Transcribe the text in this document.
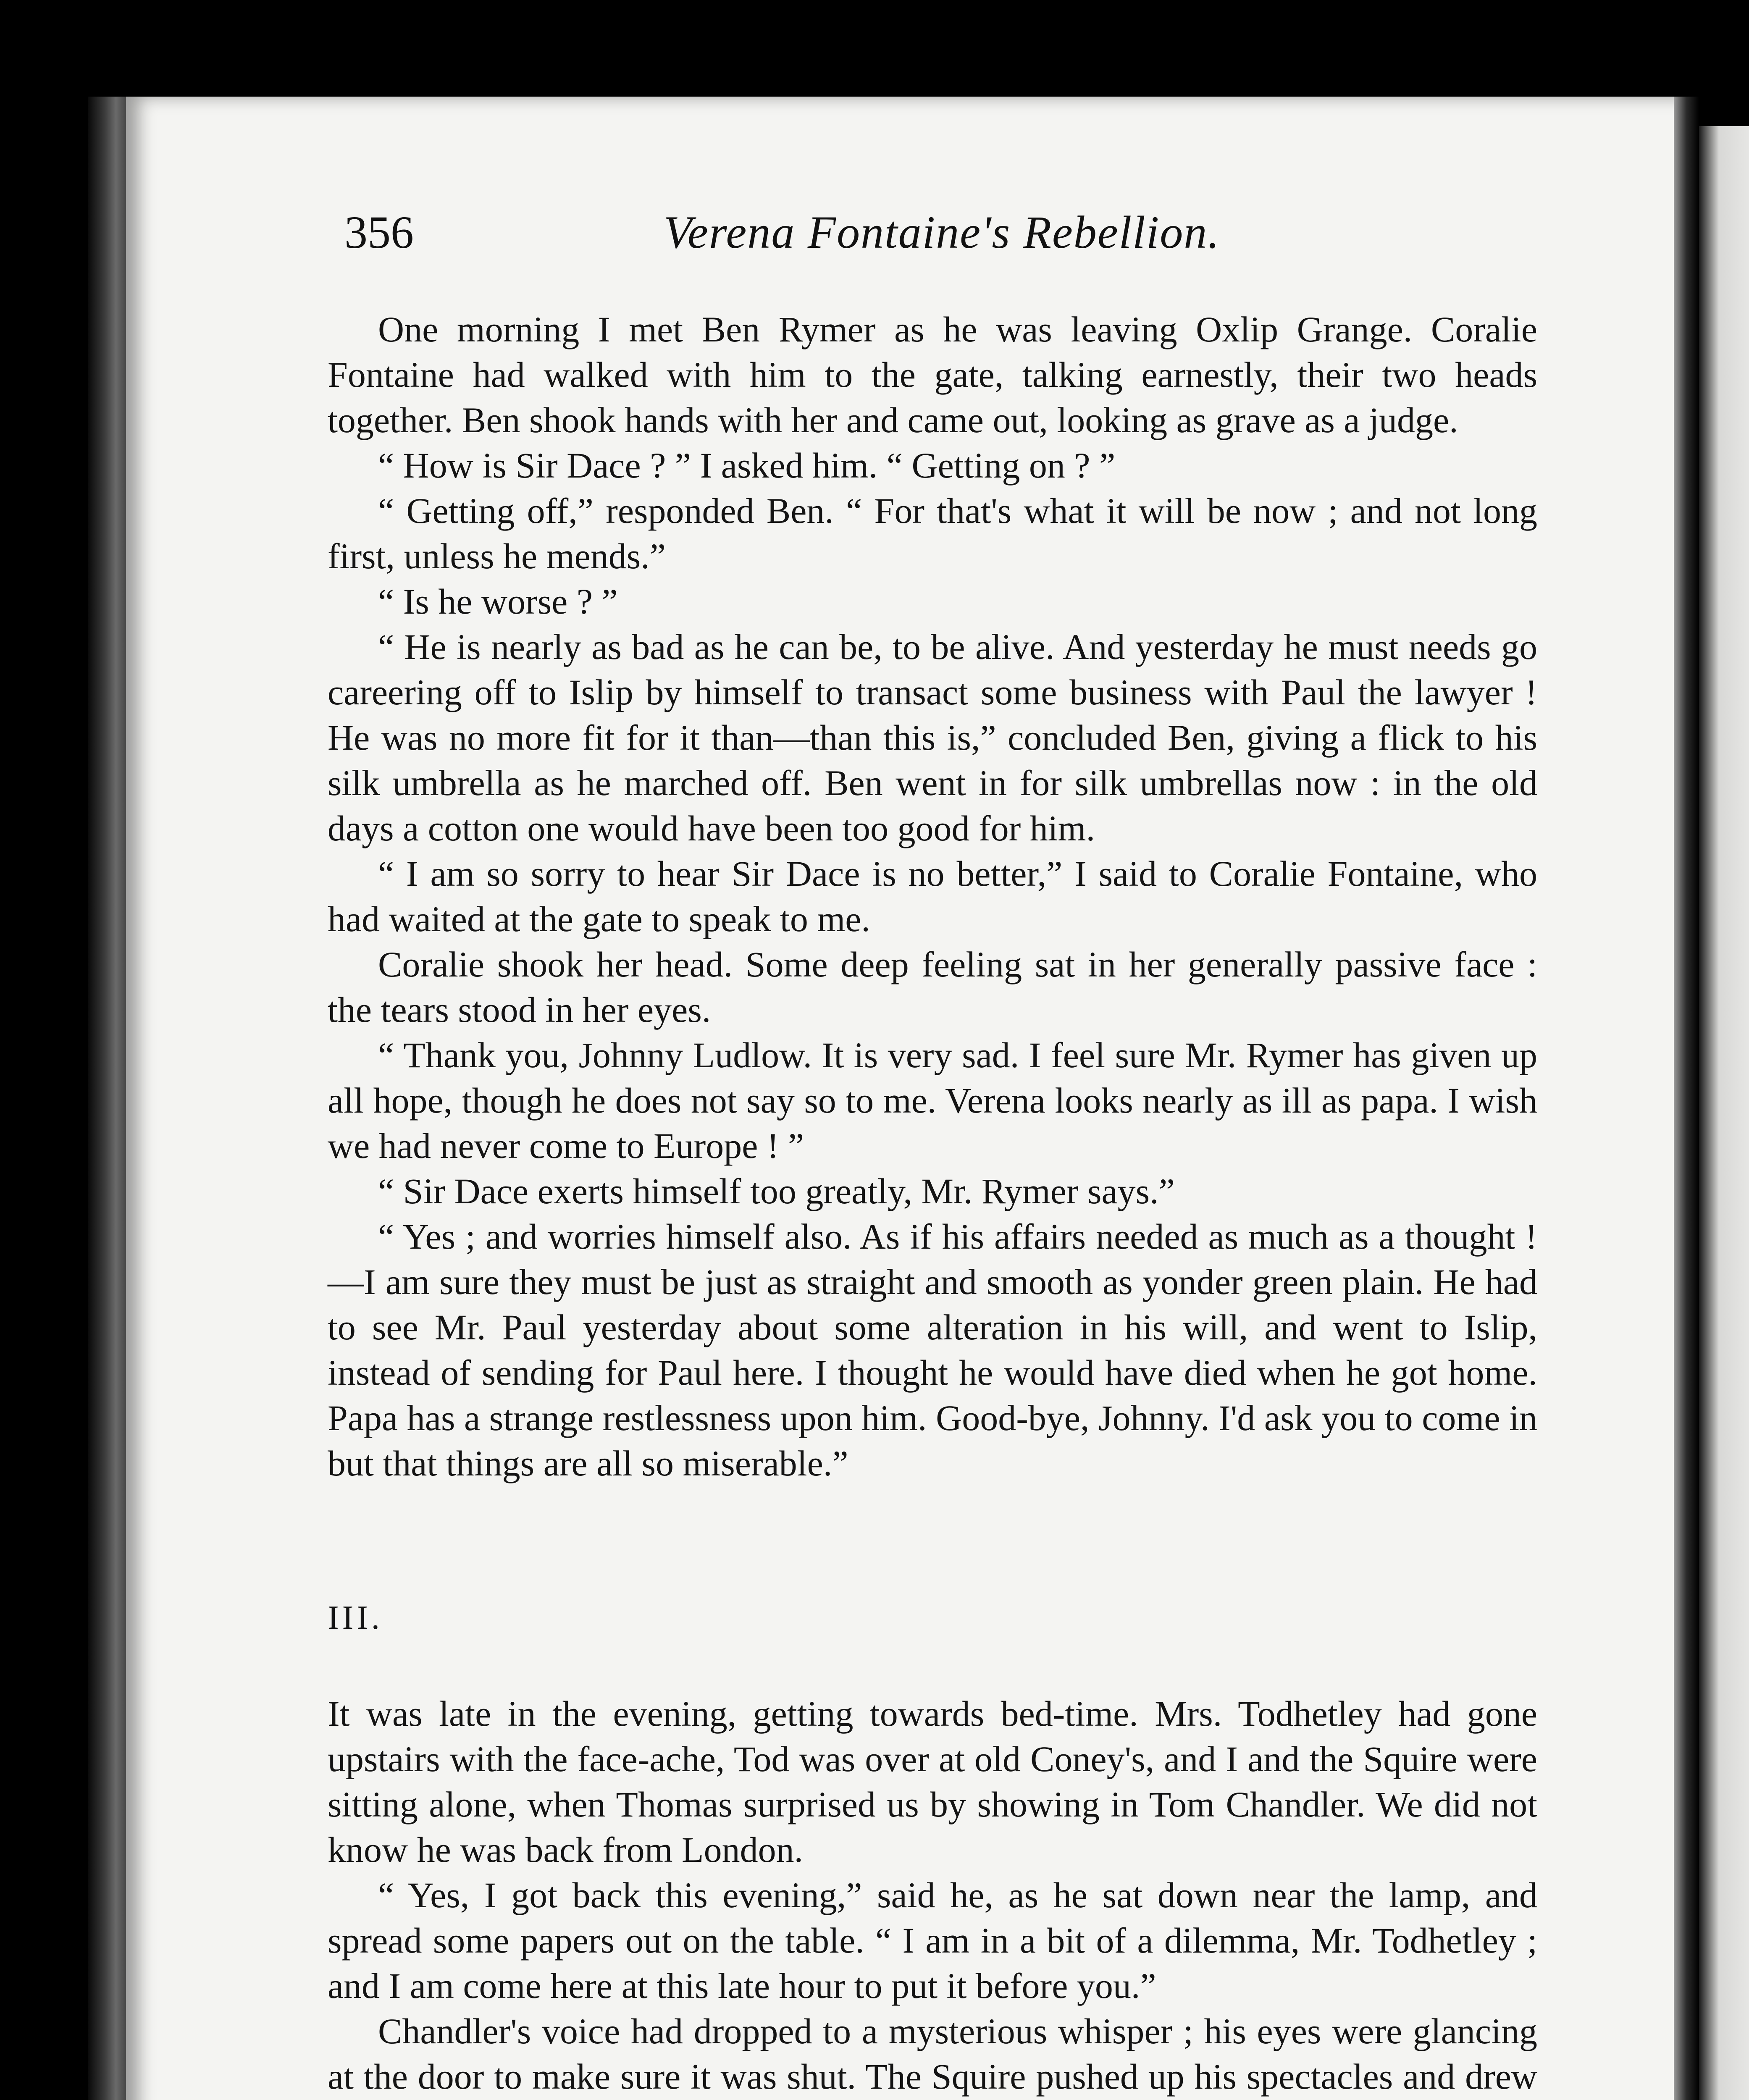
356	Verena Fontaine's Rebellion.

One morning I met Ben Rymer as he was leaving Oxlip Grange. Coralie Fontaine had walked with him to the gate, talking earnestly, their two heads together. Ben shook hands with her and came out, looking as grave as a judge.

“ How is Sir Dace ? ” I asked him. “ Getting on ? ”

“ Getting off,” responded Ben. “ For that's what it will be now ; and not long first, unless he mends.”

“ Is he worse ? ”

“ He is nearly as bad as he can be, to be alive. And yesterday he must needs go careering off to Islip by himself to transact some business with Paul the lawyer ! He was no more fit for it than—than this is,” concluded Ben, giving a flick to his silk umbrella as he marched off. Ben went in for silk umbrellas now : in the old days a cotton one would have been too good for him.

“ I am so sorry to hear Sir Dace is no better,” I said to Coralie Fontaine, who had waited at the gate to speak to me.

Coralie shook her head. Some deep feeling sat in her generally passive face : the tears stood in her eyes.

“ Thank you, Johnny Ludlow. It is very sad. I feel sure Mr. Rymer has given up all hope, though he does not say so to me. Verena looks nearly as ill as papa. I wish we had never come to Europe ! ”

“ Sir Dace exerts himself too greatly, Mr. Rymer says.”

“ Yes ; and worries himself also. As if his affairs needed as much as a thought !—I am sure they must be just as straight and smooth as yonder green plain. He had to see Mr. Paul yesterday about some alteration in his will, and went to Islip, instead of sending for Paul here. I thought he would have died when he got home. Papa has a strange restlessness upon him. Good-bye, Johnny. I'd ask you to come in but that things are all so miserable.”

III.

It was late in the evening, getting towards bed-time. Mrs. Todhetley had gone upstairs with the face-ache, Tod was over at old Coney's, and I and the Squire were sitting alone, when Thomas surprised us by showing in Tom Chandler. We did not know he was back from London.

“ Yes, I got back this evening,” said he, as he sat down near the lamp, and spread some papers out on the table. “ I am in a bit of a dilemma, Mr. Todhetley ; and I am come here at this late hour to put it before you.”

Chandler's voice had dropped to a mysterious whisper ; his eyes were glancing at the door to make sure it was shut. The Squire pushed up his spectacles and drew
